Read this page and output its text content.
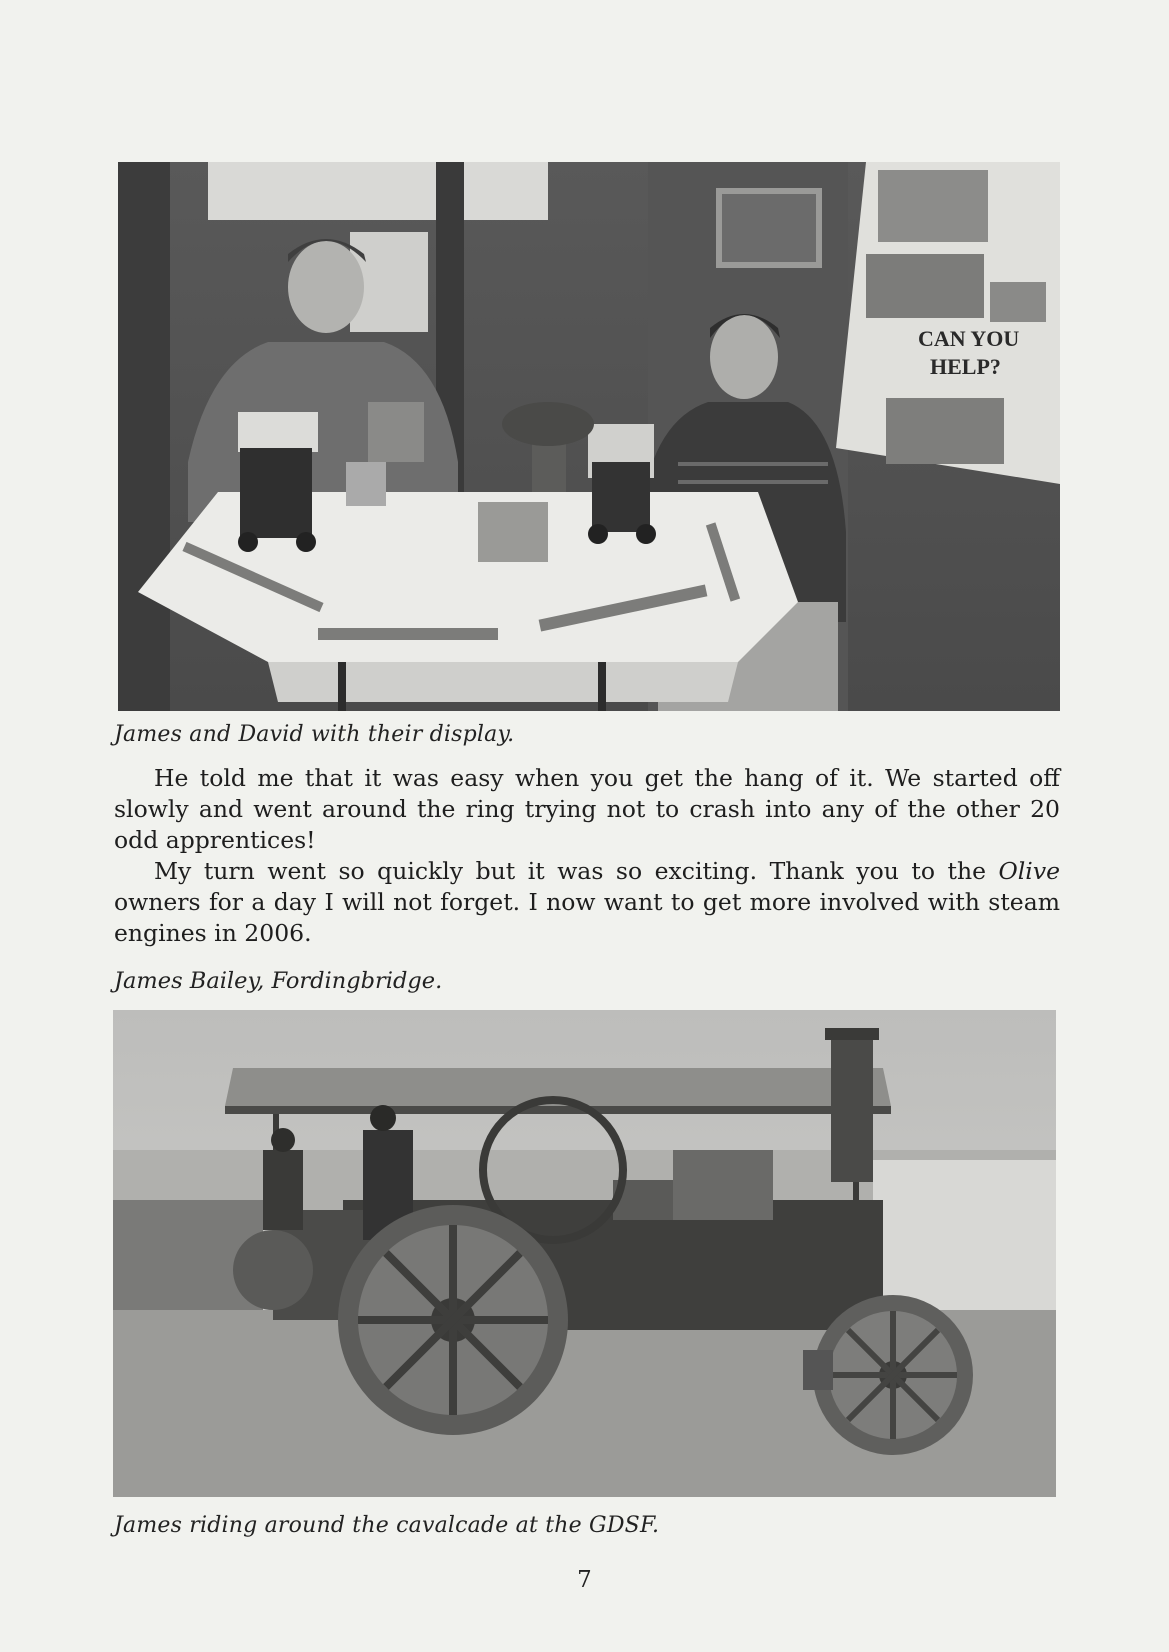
CAN YOU
HELP?
James and David with their display.

He told me that it was easy when you get the hang of it. We started off slowly and went around the ring trying not to crash into any of the other 20 odd apprentices!

My turn went so quickly but it was so exciting. Thank you to the Olive owners for a day I will not forget. I now want to get more involved with steam engines in 2006.

James Bailey, Fordingbridge.
James riding around the cavalcade at the GDSF.
7
